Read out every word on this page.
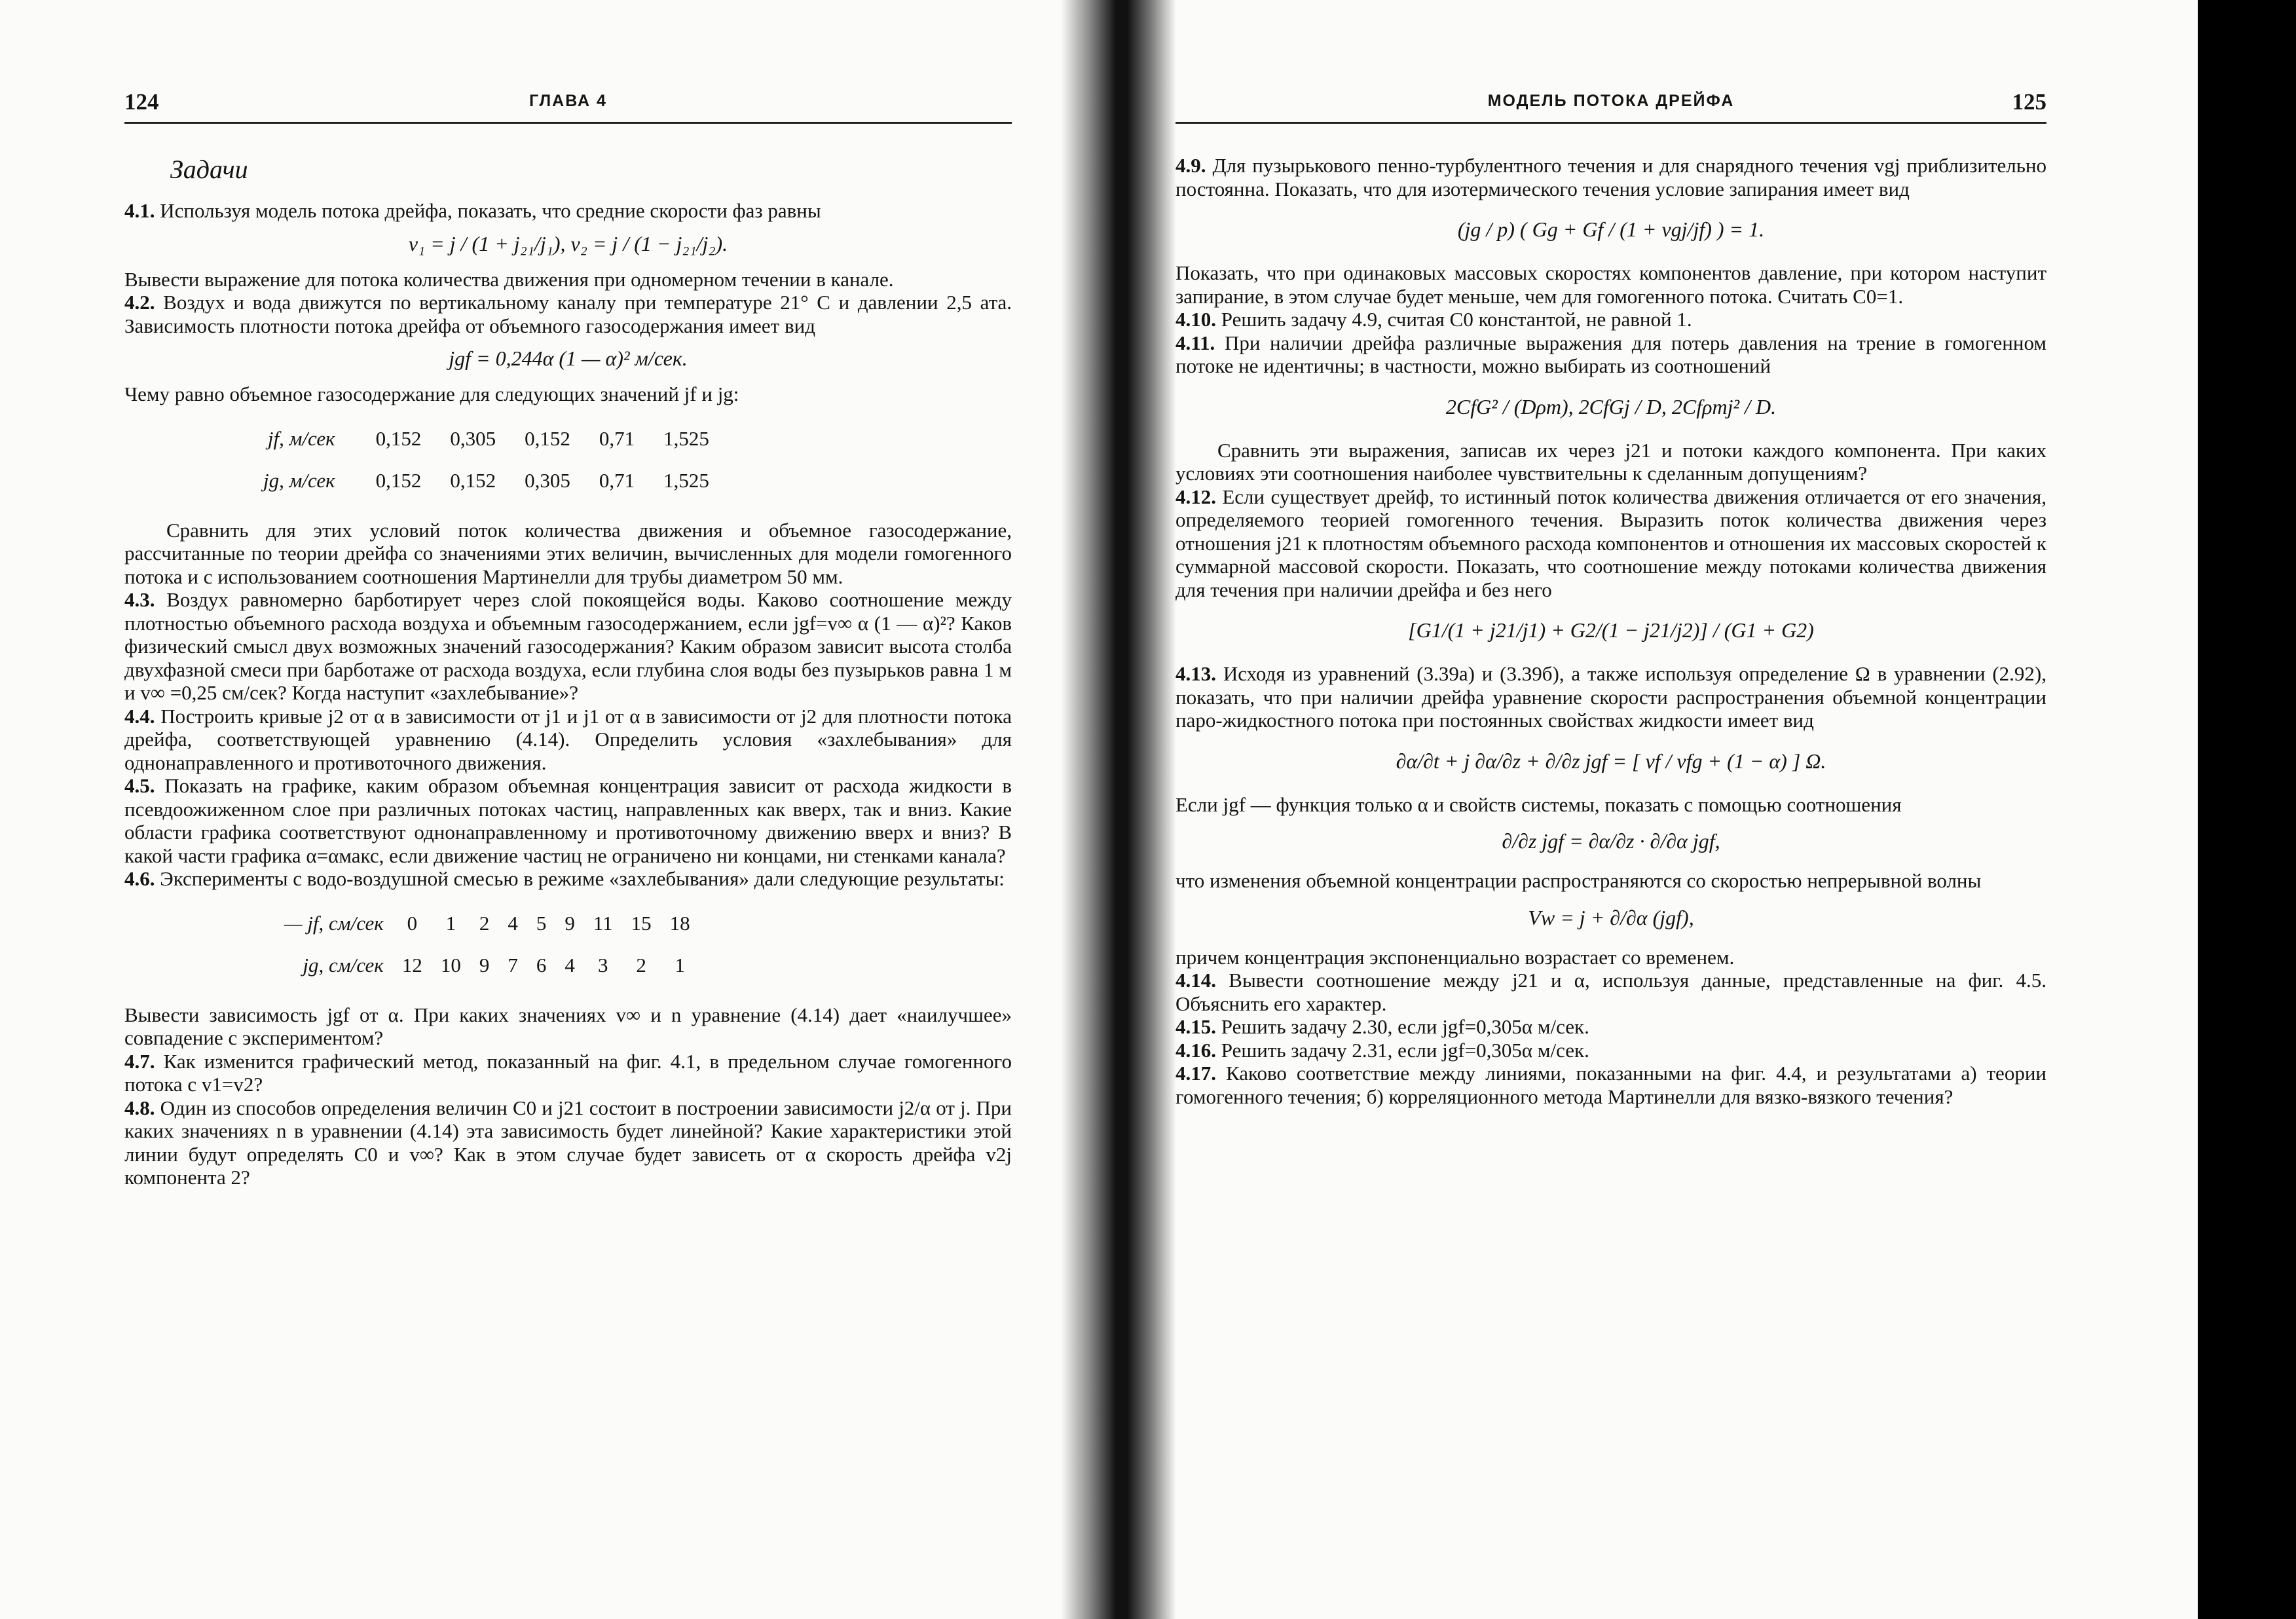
124	ГЛАВА 4
Задачи

4.1. Используя модель потока дрейфа, показать, что средние скорости фаз равны

v₁ = j / (1 + j₂₁/j₁), v₂ = j / (1 − j₂₁/j₂).

Вывести выражение для потока количества движения при одномерном течении в канале.

4.2. Воздух и вода движутся по вертикальному каналу при температуре 21° С и давлении 2,5 ата. Зависимость плотности потока дрейфа от объемного газосодержания имеет вид

jgf = 0,244α (1 — α)² м/сек.

Чему равно объемное газосодержание для следующих значений jf и jg:

jf, м/сек	0,152	0,305	0,152	0,71	1,525
jg, м/сек	0,152	0,152	0,305	0,71	1,525

Сравнить для этих условий поток количества движения и объемное газосодержание, рассчитанные по теории дрейфа со значениями этих величин, вычисленных для модели гомогенного потока и с использованием соотношения Мартинелли для трубы диаметром 50 мм.

4.3. Воздух равномерно барботирует через слой покоящейся воды. Каково соотношение между плотностью объемного расхода воздуха и объемным газосодержанием, если jgf=v∞ α (1 — α)²? Каков физический смысл двух возможных значений газосодержания? Каким образом зависит высота столба двухфазной смеси при барботаже от расхода воздуха, если глубина слоя воды без пузырьков равна 1 м и v∞ =0,25 см/сек? Когда наступит «захлебывание»?

4.4. Построить кривые j2 от α в зависимости от j1 и j1 от α в зависимости от j2 для плотности потока дрейфа, соответствующей уравнению (4.14). Определить условия «захлебывания» для однонаправленного и противоточного движения.

4.5. Показать на графике, каким образом объемная концентрация зависит от расхода жидкости в псевдоожиженном слое при различных потоках частиц, направленных как вверх, так и вниз. Какие области графика соответствуют однонаправленному и противоточному движению вверх и вниз? В какой части графика α=αмакс, если движение частиц не ограничено ни концами, ни стенками канала?

4.6. Эксперименты с водо-воздушной смесью в режиме «захлебывания» дали следующие результаты:

— jf, см/сек	0	1	2	4	5	9	11	15	18
jg, см/сек	12	10	9	7	6	4	3	2	1

Вывести зависимость jgf от α. При каких значениях v∞ и n уравнение (4.14) дает «наилучшее» совпадение с экспериментом?

4.7. Как изменится графический метод, показанный на фиг. 4.1, в предельном случае гомогенного потока с v1=v2?

4.8. Один из способов определения величин C0 и j21 состоит в построении зависимости j2/α от j. При каких значениях n в уравнении (4.14) эта зависимость будет линейной? Какие характеристики этой линии будут определять C0 и v∞? Как в этом случае будет зависеть от α скорость дрейфа v2j компонента 2?

МОДЕЛЬ ПОТОКА ДРЕЙФА	125

4.9. Для пузырькового пенно-турбулентного течения и для снарядного течения vgj приблизительно постоянна. Показать, что для изотермического течения условие запирания имеет вид

(jg / p) ( Gg + Gf / (1 + vgj/jf) ) = 1.

Показать, что при одинаковых массовых скоростях компонентов давление, при котором наступит запирание, в этом случае будет меньше, чем для гомогенного потока. Считать C0=1.

4.10. Решить задачу 4.9, считая C0 константой, не равной 1.

4.11. При наличии дрейфа различные выражения для потерь давления на трение в гомогенном потоке не идентичны; в частности, можно выбирать из соотношений

2CfG² / (Dρm), 2CfGj / D, 2Cfρmj² / D.

Сравнить эти выражения, записав их через j21 и потоки каждого компонента. При каких условиях эти соотношения наиболее чувствительны к сделанным допущениям?

4.12. Если существует дрейф, то истинный поток количества движения отличается от его значения, определяемого теорией гомогенного течения. Выразить поток количества движения через отношения j21 к плотностям объемного расхода компонентов и отношения их массовых скоростей к суммарной массовой скорости. Показать, что соотношение между потоками количества движения для течения при наличии дрейфа и без него

[G1/(1 + j21/j1) + G2/(1 − j21/j2)] / (G1 + G2)

4.13. Исходя из уравнений (3.39а) и (3.39б), а также используя определение Ω в уравнении (2.92), показать, что при наличии дрейфа уравнение скорости распространения объемной концентрации паро-жидкостного потока при постоянных свойствах жидкости имеет вид

∂α/∂t + j ∂α/∂z + ∂/∂z jgf = [ vf / vfg + (1 − α) ] Ω.

Если jgf — функция только α и свойств системы, показать с помощью соотношения

∂/∂z jgf = ∂α/∂z · ∂/∂α jgf,

что изменения объемной концентрации распространяются со скоростью непрерывной волны

Vw = j + ∂/∂α (jgf),

причем концентрация экспоненциально возрастает со временем.

4.14. Вывести соотношение между j21 и α, используя данные, представленные на фиг. 4.5. Объяснить его характер.

4.15. Решить задачу 2.30, если jgf=0,305α м/сек.

4.16. Решить задачу 2.31, если jgf=0,305α м/сек.

4.17. Каково соответствие между линиями, показанными на фиг. 4.4, и результатами а) теории гомогенного течения; б) корреляционного метода Мартинелли для вязко-вязкого течения?
